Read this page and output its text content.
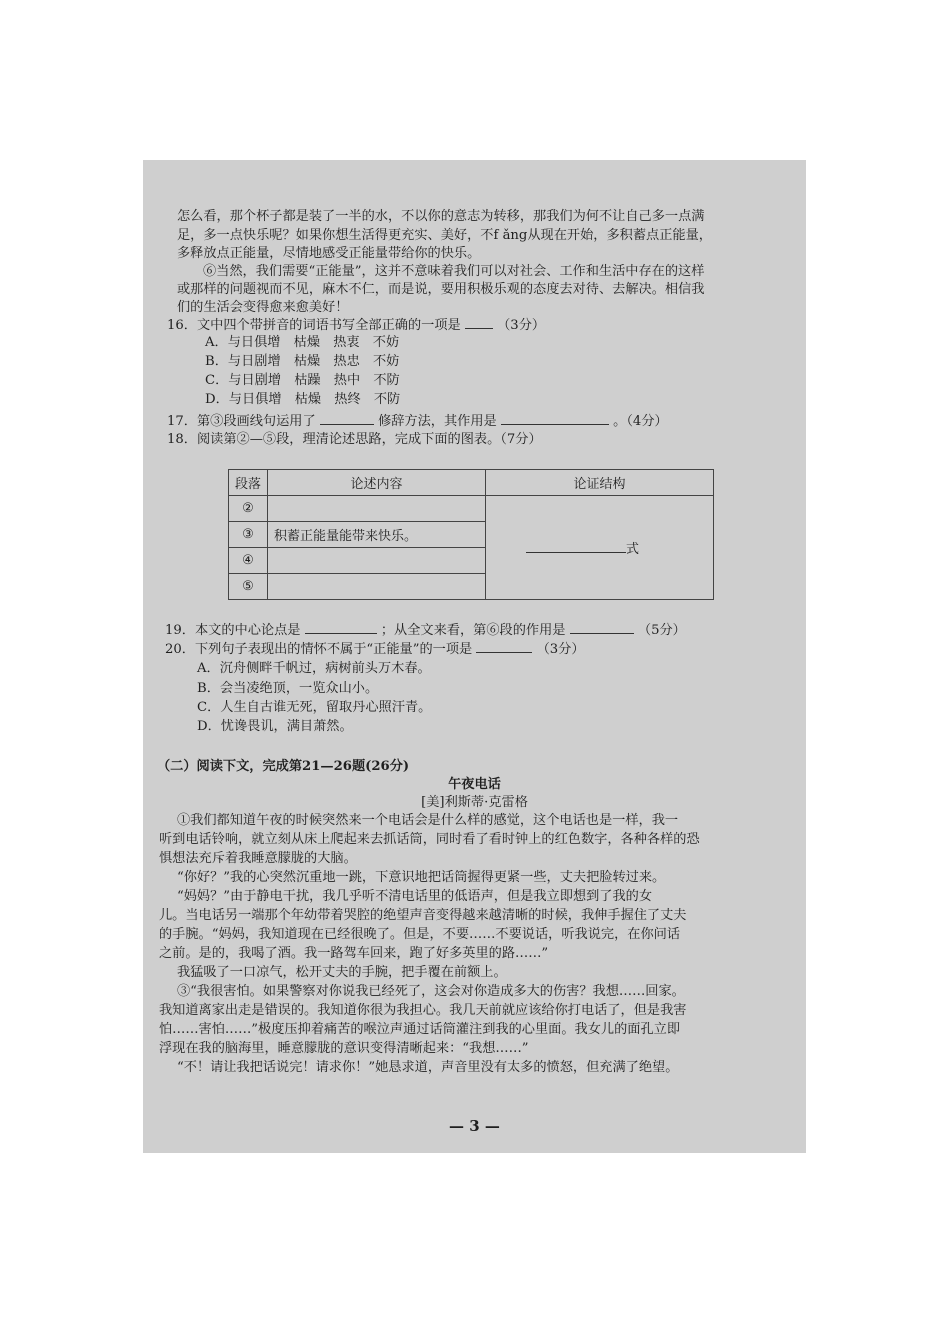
怎么看，那个杯子都是装了一半的水，不以你的意志为转移，那我们为何不让自己多一点满
足，多一点快乐呢？如果你想生活得更充实、美好，不f ǎng从现在开始，多积蓄点正能量，
多释放点正能量，尽情地感受正能量带给你的快乐。
⑥当然，我们需要“正能量”，这并不意味着我们可以对社会、工作和生活中存在的这样
或那样的问题视而不见，麻木不仁，而是说，要用积极乐观的态度去对待、去解决。相信我
们的生活会变得愈来愈美好！
16．文中四个带拼音的词语书写全部正确的一项是	（3分）
A．与日俱增　枯燥　热衷　不妨
B．与日剧增　枯燥　热忠　不妨
C．与日剧增　枯躁　热中　不防
D．与日俱增　枯燥　热终　不防
17．第③段画线句运用了	修辞方法，其作用是	。（4分）
18．阅读第②—⑤段，理清论述思路，完成下面的图表。（7分）
19．本文的中心论点是	；从全文来看，第⑥段的作用是	（5分）
20．下列句子表现出的情怀不属于“正能量”的一项是	（3分）
A．沉舟侧畔千帆过，病树前头万木春。
B．会当凌绝顶，一览众山小。
C．人生自古谁无死，留取丹心照汗青。
D．忧谗畏讥，满目萧然。
（二）阅读下文，完成第21—26题(26分)
午夜电话
[美]利斯蒂·克雷格
①我们都知道午夜的时候突然来一个电话会是什么样的感觉，这个电话也是一样，我一
听到电话铃响，就立刻从床上爬起来去抓话筒，同时看了看时钟上的红色数字，各种各样的恐
惧想法充斥着我睡意朦胧的大脑。
“你好？”我的心突然沉重地一跳，下意识地把话筒握得更紧一些，丈夫把脸转过来。
“妈妈？”由于静电干扰，我几乎听不清电话里的低语声，但是我立即想到了我的女
儿。当电话另一端那个年幼带着哭腔的绝望声音变得越来越清晰的时候，我伸手握住了丈夫
的手腕。“妈妈，我知道现在已经很晚了。但是，不要……不要说话，听我说完，在你问话
之前。是的，我喝了酒。我一路驾车回来，跑了好多英里的路……”
我猛吸了一口凉气，松开丈夫的手腕，把手覆在前额上。
③“我很害怕。如果警察对你说我已经死了，这会对你造成多大的伤害？我想……回家。
我知道离家出走是错误的。我知道你很为我担心。我几天前就应该给你打电话了，但是我害
怕……害怕……”极度压抑着痛苦的喉泣声通过话筒灌注到我的心里面。我女儿的面孔立即
浮现在我的脑海里，睡意朦胧的意识变得清晰起来：“我想……”
“不！请让我把话说完！请求你！”她恳求道，声音里没有太多的愤怒，但充满了绝望。
— 3 —
段落	论述内容	论证结构
②		式
③	积蓄正能量能带来快乐。	
④		
⑤		
